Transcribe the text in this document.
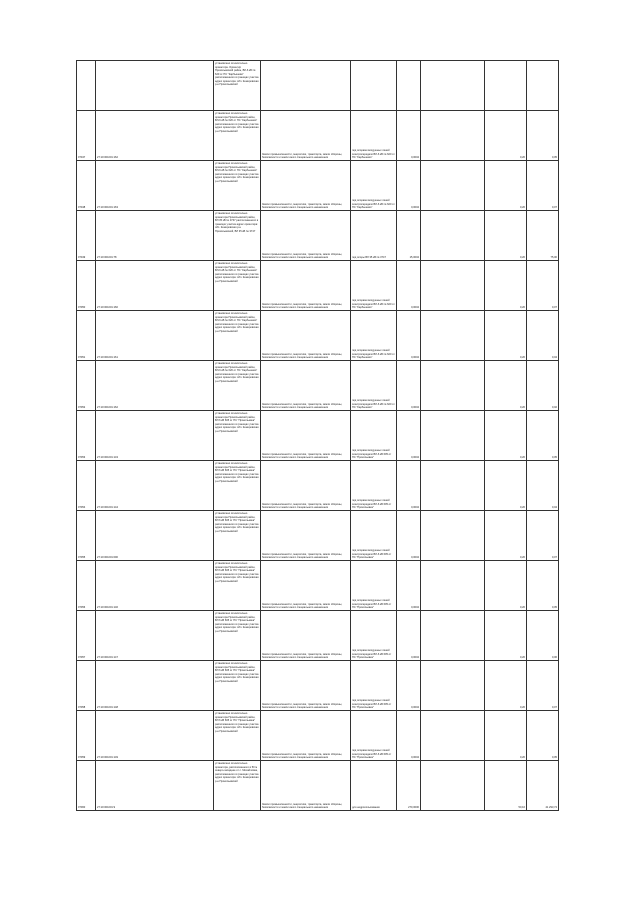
		установлено относительно ориентира. Ориентир Прокопьевский район, ВЛ-6 кВ № 620 от ПС "Карбышево" расположенного в границах участка адрес ориентира: обл. Кемеровская р-н Прокопьевский						

07047	27:10:001001:162	установлено относительно ориентира Прокопьевский район, ВЛ-6 кВ № 620 от ПС "Карбышево" расположенного в границах участка адрес ориентира: обл. Кемеровская р-н Прокопьевский	Земли промышленности, энергетики, транспорта, земли обороны, безопасности и земли иного специального назначения	под опорами воздушных линий электропередачи ВЛ-6 кВ № 620 от ПС "Карбышево"	0,0004		0,20	0,05
07048	27:10:001001:163	установлено относительно ориентира Прокопьевский район, ВЛ-6 кВ № 620 от ПС "Карбышево" расположенного в границах участка адрес ориентира: обл. Кемеровская р-н Прокопьевский	Земли промышленности, энергетики, транспорта, земли обороны, безопасности и земли иного специального назначения	под опорами воздушных линий электропередачи ВЛ-6 кВ № 620 от ПС "Карбышево"	0,0004		0,20	0,07
07049	27:10:001001:78	установлено относительно ориентира Прокопьевский район, ВЛ 35 кВ № 3747 расположенного в границах участка адрес ориентира: обл. Кемеровская р-н Прокопьевский, ВЛ 35 кВ № 3747	Земли промышленности, энергетики, транспорта, земли обороны, безопасности и земли иного специального назначения	под опоры ВЛ 35 кВ № 3747	15,0004		0,20	75,00
07050	27:10:001001:160	установлено относительно ориентира Прокопьевский район, ВЛ-6 кВ № 620 от ПС "Карбышево" расположенного в границах участка адрес ориентира: обл. Кемеровская р-н Прокопьевский	Земли промышленности, энергетики, транспорта, земли обороны, безопасности и земли иного специального назначения	под опорами воздушных линий электропередачи ВЛ-6 кВ № 620 от ПС "Карбышево"	0,0004		0,20	0,07
07051	27:10:001001:161	установлено относительно ориентира Прокопьевский район, ВЛ-6 кВ № 620 от ПС "Карбышево" расположенного в границах участка адрес ориентира: обл. Кемеровская р-н Прокопьевский	Земли промышленности, энергетики, транспорта, земли обороны, безопасности и земли иного специального назначения	под опорами воздушных линий электропередачи ВЛ-6 кВ № 620 от ПС "Карбышево"	0,0004		0,20	0,04
07052	27:10:001001:162	установлено относительно ориентира Прокопьевский район, ВЛ-6 кВ № 620 от ПС "Карбышево" расположенного в границах участка адрес ориентира: обл. Кемеровская р-н Прокопьевский	Земли промышленности, энергетики, транспорта, земли обороны, безопасности и земли иного специального назначения	под опорами воздушных линий электропередачи ВЛ-6 кВ № 620 от ПС "Карбышево"	0,0004		0,20	0,02
07053	27:10:001001:143	установлено относительно ориентира Прокопьевский район, ВЛ 6 кВ 605 от ПС "Прокопьевка" расположенного в границах участка адрес ориентира: обл. Кемеровская р-н Прокопьевский	Земли промышленности, энергетики, транспорта, земли обороны, безопасности и земли иного специального назначения	под опорами воздушных линий электропередачи ВЛ-6 кВ 605 от ПС "Прокопьевка"	0,0004		0,20	0,05
07054	27:10:001001:144	установлено относительно ориентира Прокопьевский район, ВЛ 6 кВ 605 от ПС "Прокопьевка" расположенного в границах участка адрес ориентира: обл. Кемеровская р-н Прокопьевский	Земли промышленности, энергетики, транспорта, земли обороны, безопасности и земли иного специального назначения	под опорами воздушных линий электропередачи ВЛ-6 кВ 605 от ПС "Прокопьевка"	0,0004		0,20	0,04
07055	27:10:001001:090	установлено относительно ориентира Прокопьевский район, ВЛ 6 кВ 605 от ПС "Прокопьевка" расположенного в границах участка адрес ориентира: обл. Кемеровская р-н Прокопьевский	Земли промышленности, энергетики, транспорта, земли обороны, безопасности и земли иного специального назначения	под опорами воздушных линий электропередачи ВЛ-6 кВ 605 от ПС "Прокопьевка"	0,0004		0,20	0,07
07056	27:10:001001:146	установлено относительно ориентира Прокопьевский район, ВЛ 6 кВ 605 от ПС "Прокопьевка" расположенного в границах участка адрес ориентира: обл. Кемеровская р-н Прокопьевский	Земли промышленности, энергетики, транспорта, земли обороны, безопасности и земли иного специального назначения	под опорами воздушных линий электропередачи ВЛ-6 кВ 605 от ПС "Прокопьевка"	0,0004		0,20	0,05
07057	27:10:001001:147	установлено относительно ориентира Прокопьевский район, ВЛ 6 кВ 605 от ПС "Прокопьевка" расположенного в границах участка адрес ориентира: обл. Кемеровская р-н Прокопьевский	Земли промышленности, энергетики, транспорта, земли обороны, безопасности и земли иного специального назначения	под опорами воздушных линий электропередачи ВЛ-6 кВ 605 от ПС "Прокопьевка"	0,0004		0,20	0,06
07058	27:10:001001:148	установлено относительно ориентира Прокопьевский район, ВЛ 6 кВ 605 от ПС "Прокопьевка" расположенного в границах участка адрес ориентира: обл. Кемеровская р-н Прокопьевский	Земли промышленности, энергетики, транспорта, земли обороны, безопасности и земли иного специального назначения	под опорами воздушных линий электропередачи ВЛ-6 кВ 605 от ПС "Прокопьевка"	0,0004		0,20	0,07
07059	27:10:001001:149	установлено относительно ориентира Прокопьевский район, ВЛ 6 кВ 605 от ПС "Прокопьевка" расположенного в границах участка адрес ориентира: обл. Кемеровская р-н Прокопьевский	Земли промышленности, энергетики, транспорта, земли обороны, безопасности и земли иного специального назначения	под опорами воздушных линий электропередачи ВЛ-6 кВ 605 от ПС "Прокопьевка"	0,0004		0,20	0,05
07060	27:10:001001:9	установлено относительно ориентира, расположенного в 50 м северо-западнее от с. Михайловка, расположенного в границах участка адрес ориентира: обл. Кемеровская р-н Прокопьевский	Земли промышленности, энергетики, транспорта, земли обороны, безопасности и земли иного специального назначения	для недропользования	270,0000		50,16	41 293,74
